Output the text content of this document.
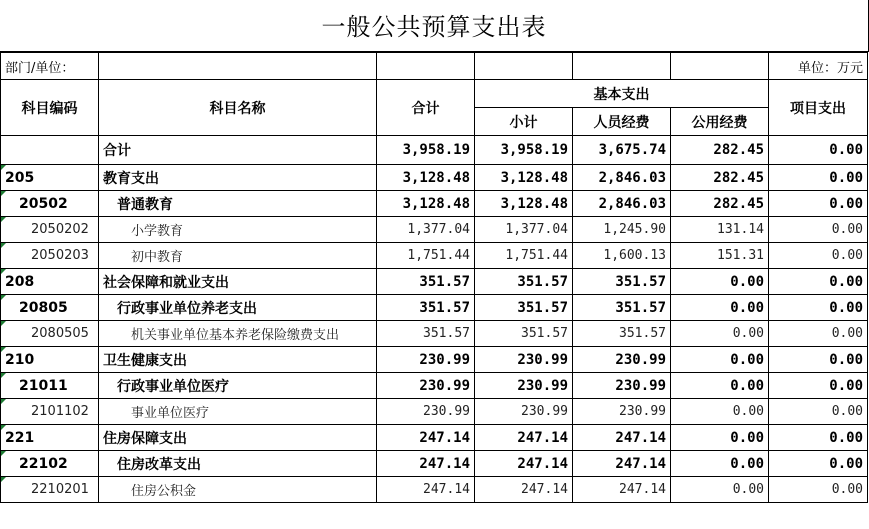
一般公共预算支出表
部门/单位：						单位：万元
科目编码	科目名称	合计	基本支出			项目支出
			小计	人员经费	公用经费	
	合计	3,958.19	3,958.19	3,675.74	282.45	0.00

205	教育支出	3,128.48	3,128.48	2,846.03	282.45	0.00

20502	普通教育	3,128.48	3,128.48	2,846.03	282.45	0.00

2050202	小学教育	1,377.04	1,377.04	1,245.90	131.14	0.00

2050203	初中教育	1,751.44	1,751.44	1,600.13	151.31	0.00

208	社会保障和就业支出	351.57	351.57	351.57	0.00	0.00

20805	行政事业单位养老支出	351.57	351.57	351.57	0.00	0.00

2080505	机关事业单位基本养老保险缴费支出	351.57	351.57	351.57	0.00	0.00

210	卫生健康支出	230.99	230.99	230.99	0.00	0.00

21011	行政事业单位医疗	230.99	230.99	230.99	0.00	0.00

2101102	事业单位医疗	230.99	230.99	230.99	0.00	0.00

221	住房保障支出	247.14	247.14	247.14	0.00	0.00

22102	住房改革支出	247.14	247.14	247.14	0.00	0.00

2210201	住房公积金	247.14	247.14	247.14	0.00	0.00
